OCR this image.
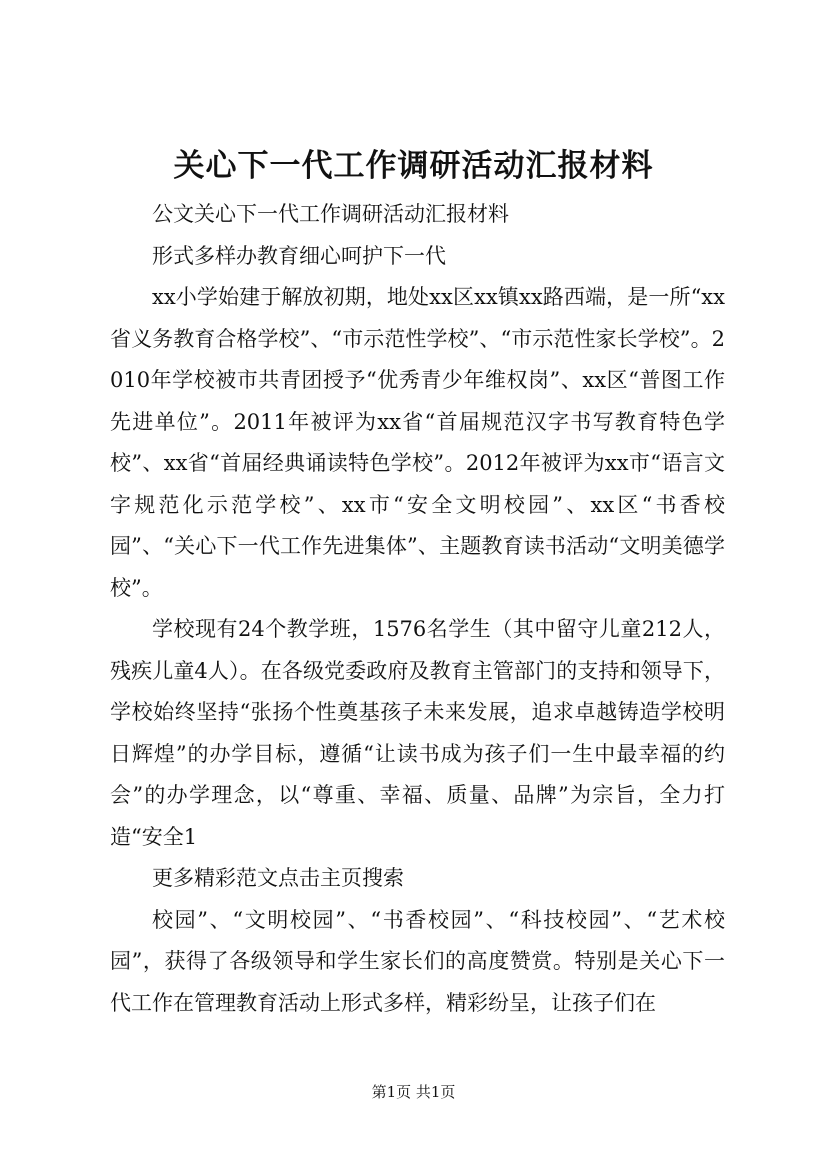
关心下一代工作调研活动汇报材料

公文关心下一代工作调研活动汇报材料

形式多样办教育细心呵护下一代

xx小学始建于解放初期，地处xx区xx镇xx路西端，是一所“xx省义务教育合格学校”、“市示范性学校”、“市示范性家长学校”。2010年学校被市共青团授予“优秀青少年维权岗”、xx区“普图工作先进单位”。2011年被评为xx省“首届规范汉字书写教育特色学校”、xx省“首届经典诵读特色学校”。2012年被评为xx市“语言文字规范化示范学校”、xx市“安全文明校园”、xx区“书香校园”、“关心下一代工作先进集体”、主题教育读书活动“文明美德学校”。

学校现有24个教学班，1576名学生（其中留守儿童212人，残疾儿童4人）。在各级党委政府及教育主管部门的支持和领导下，学校始终坚持“张扬个性奠基孩子未来发展，追求卓越铸造学校明日辉煌”的办学目标，遵循“让读书成为孩子们一生中最幸福的约会”的办学理念，以“尊重、幸福、质量、品牌”为宗旨，全力打造“安全1

更多精彩范文点击主页搜索

校园”、“文明校园”、“书香校园”、“科技校园”、“艺术校园”，获得了各级领导和学生家长们的高度赞赏。特别是关心下一代工作在管理教育活动上形式多样，精彩纷呈，让孩子们在

第1页 共1页
